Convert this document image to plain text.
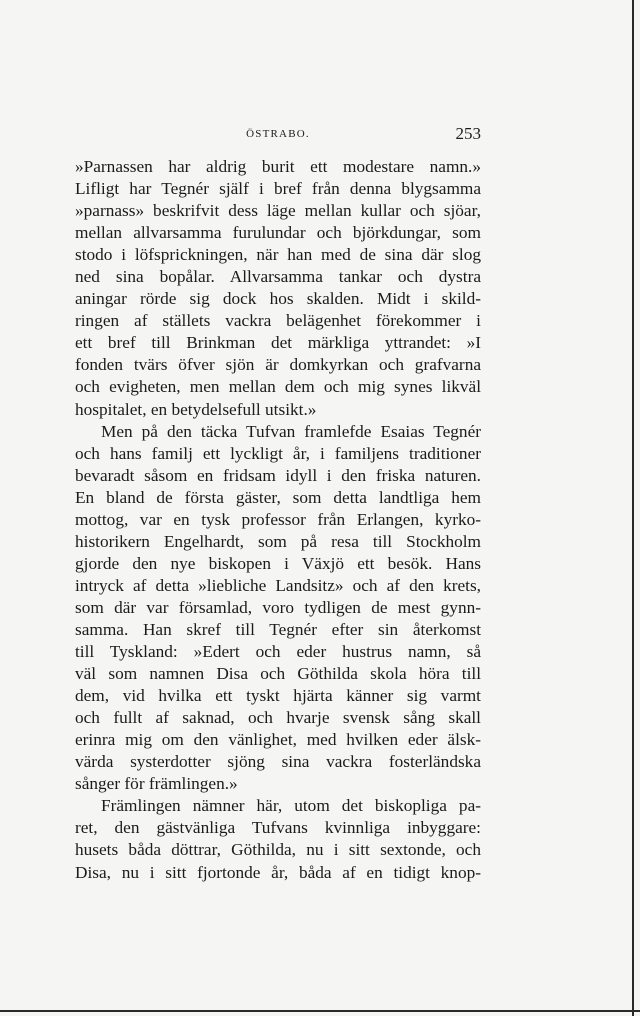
ÖSTRABO.	253
»Parnassen har aldrig burit ett modestare namn.»
Lifligt har Tegnér själf i bref från denna blygsamma
»parnass» beskrifvit dess läge mellan kullar och sjöar,
mellan allvarsamma furulundar och björkdungar, som
stodo i löfsprickningen, när han med de sina där slog
ned sina bopålar. Allvarsamma tankar och dystra
aningar rörde sig dock hos skalden. Midt i skild-
ringen af ställets vackra belägenhet förekommer i
ett bref till Brinkman det märkliga yttrandet: »I
fonden tvärs öfver sjön är domkyrkan och grafvarna
och evigheten, men mellan dem och mig synes likväl
hospitalet, en betydelsefull utsikt.»
Men på den täcka Tufvan framlefde Esaias Tegnér
och hans familj ett lyckligt år, i familjens traditioner
bevaradt såsom en fridsam idyll i den friska naturen.
En bland de första gäster, som detta landtliga hem
mottog, var en tysk professor från Erlangen, kyrko-
historikern Engelhardt, som på resa till Stockholm
gjorde den nye biskopen i Växjö ett besök. Hans
intryck af detta »liebliche Landsitz» och af den krets,
som där var församlad, voro tydligen de mest gynn-
samma. Han skref till Tegnér efter sin återkomst
till Tyskland: »Edert och eder hustrus namn, så
väl som namnen Disa och Göthilda skola höra till
dem, vid hvilka ett tyskt hjärta känner sig varmt
och fullt af saknad, och hvarje svensk sång skall
erinra mig om den vänlighet, med hvilken eder älsk-
värda systerdotter sjöng sina vackra fosterländska
sånger för främlingen.»
Främlingen nämner här, utom det biskopliga pa-
ret, den gästvänliga Tufvans kvinnliga inbyggare:
husets båda döttrar, Göthilda, nu i sitt sextonde, och
Disa, nu i sitt fjortonde år, båda af en tidigt knop-
